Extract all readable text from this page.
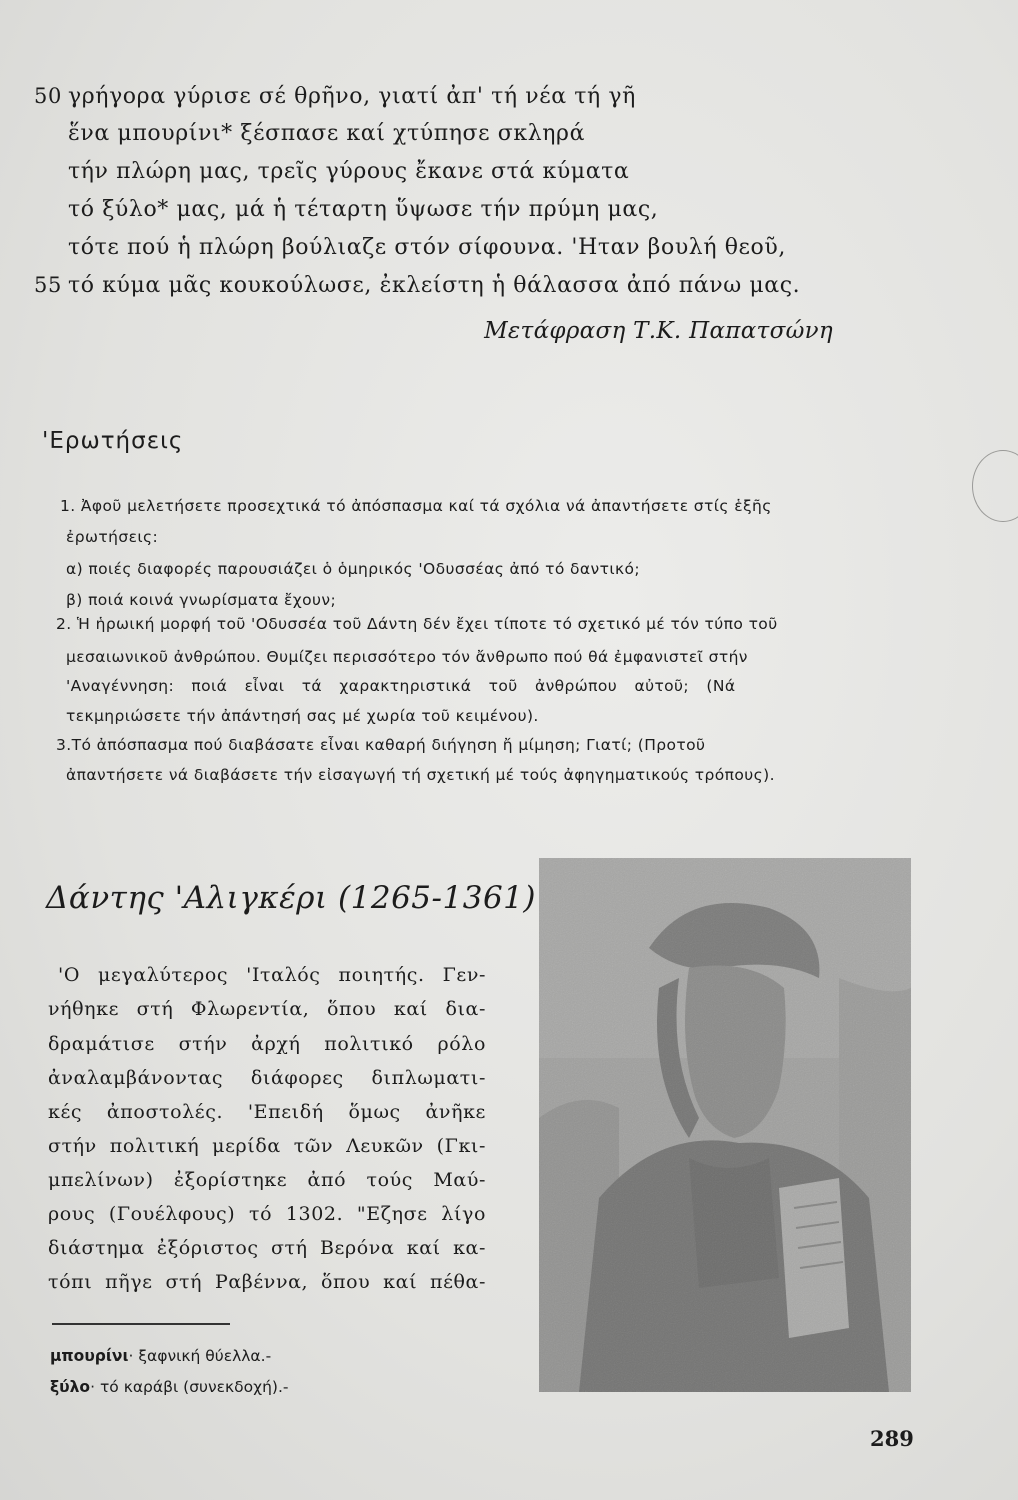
50 γρήγορα γύρισε σέ θρῆνο, γιατί ἀπ' τή νέα τή γῆ
ἕνα μπουρίνι* ξέσπασε καί χτύπησε σκληρά
τήν πλώρη μας, τρεῖς γύρους ἔκανε στά κύματα
τό ξύλο* μας, μά ἡ τέταρτη ὕψωσε τήν πρύμη μας,
τότε πού ἡ πλώρη βούλιαζε στόν σίφουνα. 'Ηταν βουλή θεοῦ,
55 τό κύμα μᾶς κουκούλωσε, ἐκλείστη ἡ θάλασσα ἀπό πάνω μας.
Μετάφραση Τ.Κ. Παπατσώνη
'Ερωτήσεις
1. Ἀφοῦ μελετήσετε προσεχτικά τό ἀπόσπασμα καί τά σχόλια νά ἀπαντήσετε στίς ἑξῆς
ἐρωτήσεις:
α) ποιές διαφορές παρουσιάζει ὁ ὁμηρικός 'Οδυσσέας ἀπό τό δαντικό;
β) ποιά κοινά γνωρίσματα ἔχουν;
2. Ἡ ἡρωική μορφή τοῦ 'Οδυσσέα τοῦ Δάντη δέν ἔχει τίποτε τό σχετικό μέ τόν τύπο τοῦ
μεσαιωνικοῦ ἀνθρώπου. Θυμίζει περισσότερο τόν ἄνθρωπο πού θά ἐμφανιστεῖ στήν
'Αναγέννηση: ποιά εἶναι τά χαρακτηριστικά τοῦ ἀνθρώπου αὐτοῦ; (Νά
τεκμηριώσετε τήν ἀπάντησή σας μέ χωρία τοῦ κειμένου).
3.Τό ἀπόσπασμα πού διαβάσατε εἶναι καθαρή διήγηση ἤ μίμηση; Γιατί; (Προτοῦ
ἀπαντήσετε νά διαβάσετε τήν εἰσαγωγή τή σχετική μέ τούς ἀφηγηματικούς τρόπους).
Δάντης 'Αλιγκέρι (1265-1361)
'Ο μεγαλύτερος 'Ιταλός ποιητής. Γεν-
νήθηκε στή Φλωρεντία, ὅπου καί δια-
δραμάτισε στήν ἀρχή πολιτικό ρόλο
ἀναλαμβάνοντας διάφορες διπλωματι-
κές ἀποστολές. 'Επειδή ὅμως ἀνῆκε
στήν πολιτική μερίδα τῶν Λευκῶν (Γκι-
μπελίνων) ἐξορίστηκε ἀπό τούς Μαύ-
ρους (Γουέλφους) τό 1302. "Εζησε λίγο
διάστημα ἐξόριστος στή Βερόνα καί κα-
τόπι πῆγε στή Ραβέννα, ὅπου καί πέθα-
μπουρίνι· ξαφνική θύελλα.-
ξύλο· τό καράβι (συνεκδοχή).-
289
